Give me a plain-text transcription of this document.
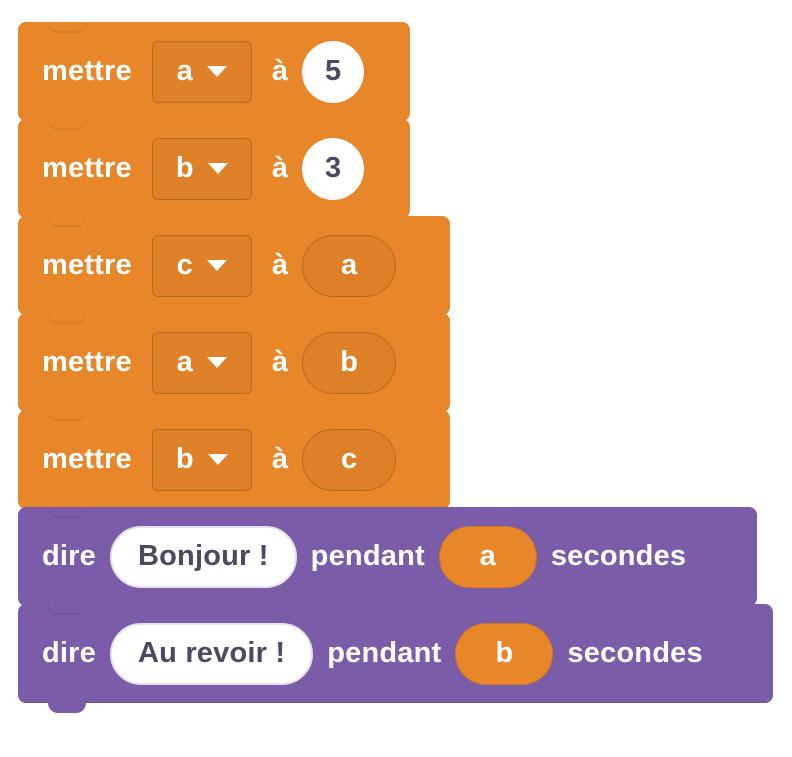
mettre a	à	5
mettre b	à	3
mettre c	à	a
mettre a	à	b
mettre b	à	c
dire	Bonjour !	pendant	a	secondes
dire	Au revoir !	pendant	b	secondes
